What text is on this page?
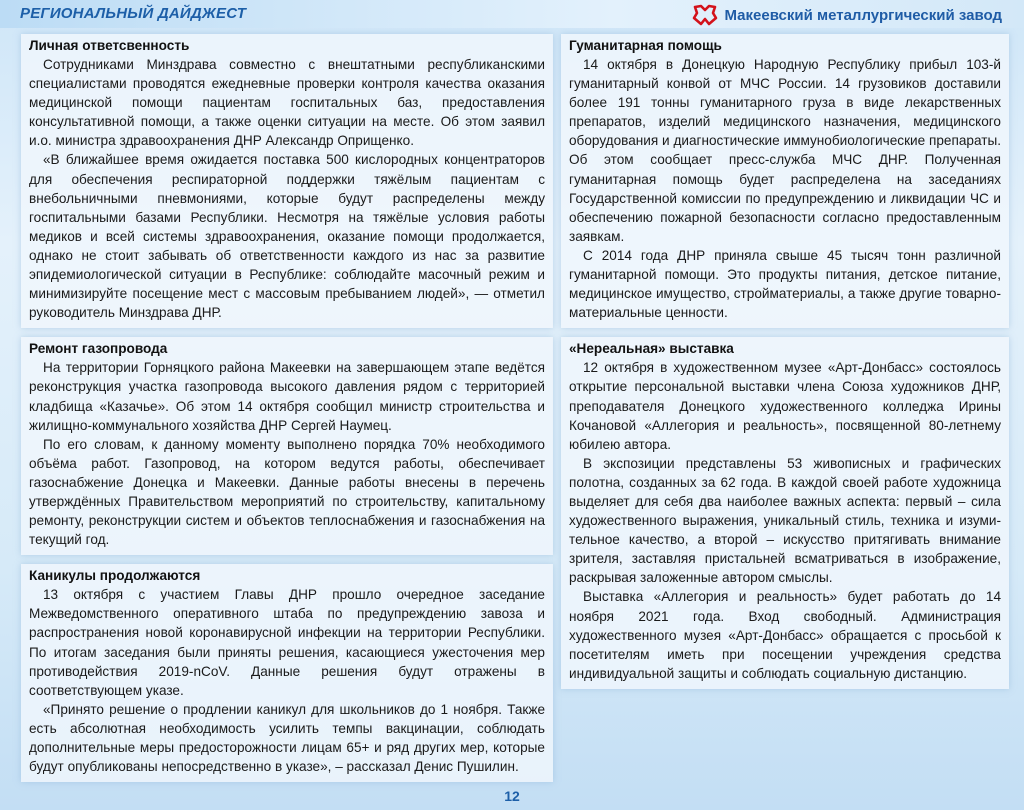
РЕГИОНАЛЬНЫЙ ДАЙДЖЕСТ	Макеевский металлургический завод
Личная ответсвенность

Сотрудниками Минздрава совместно с внештатными республиканскими специалистами проводятся ежедневные проверки контроля качества оказания медицинской помощи пациентам госпитальных баз, предоставления консультативной помощи, а также оценки ситуации на месте. Об этом заявил и.о. министра здравоохранения ДНР Александр Оприщенко.

«В ближайшее время ожидается поставка 500 кислородных концентраторов для обеспечения респираторной поддержки тяжёлым пациентам с внебольничными пневмониями, которые будут распределены между госпитальными базами Республики. Несмотря на тяжёлые условия работы медиков и всей системы здравоохранения, оказание помощи продолжается, однако не стоит забывать об ответственности каждого из нас за развитие эпидемиологической ситуации в Республике: соблюдайте масочный режим и минимизируйте посещение мест с массовым пребыванием людей», — отметил руководитель Минздрава ДНР.

Ремонт газопровода

На территории Горняцкого района Макеевки на завершающем этапе ведётся реконструкция участка газопровода высокого давления рядом с территорией кладбища «Казачье». Об этом 14 октября сообщил министр строительства и жилищно-коммунального хозяйства ДНР Сергей Наумец.

По его словам, к данному моменту выполнено порядка 70% необходимого объёма работ. Газопровод, на котором ведутся работы, обеспечивает газоснабжение Донецка и Макеевки. Данные работы внесены в перечень утверждённых Правительством мероприятий по строительству, капитальному ремонту, реконструкции систем и объектов теплоснабжения и газоснабжения на текущий год.

Каникулы продолжаются

13 октября с участием Главы ДНР прошло очередное заседание Межведомственного оперативного штаба по предупреждению завоза и распространения новой коронавирусной инфекции на территории Республики. По итогам заседания были приняты решения, касающиеся ужесточения мер противодействия 2019-nCoV. Данные решения будут отражены в соответствующем указе.

«Принято решение о продлении каникул для школьников до 1 ноября. Также есть абсолютная необходимость усилить темпы вакцинации, соблюдать дополнительные меры предосторожности лицам 65+ и ряд других мер, которые будут опубликованы непосредственно в указе», – рассказал Денис Пушилин.

Гуманитарная помощь

14 октября в Донецкую Народную Республику прибыл 103-й гуманитарный конвой от МЧС России. 14 грузовиков доставили более 191 тонны гуманитарного груза в виде лекарственных препаратов, изделий медицинского назначения, медицинского оборудования и диагностические иммунобиологические препараты. Об этом сообщает пресс-служба МЧС ДНР. Полученная гуманитарная помощь будет распределена на заседаниях Государственной комиссии по предупреждению и ликвидации ЧС и обеспечению пожарной безопасности согласно предоставленным заявкам.

С 2014 года ДНР приняла свыше 45 тысяч тонн различной гуманитарной помощи. Это продукты питания, детское питание, медицинское имущество, стройматериалы, а также другие товарно-материальные ценности.

«Нереальная» выставка

12 октября в художественном музее «Арт-Донбасс» состоялось открытие персональной выставки члена Союза художников ДНР, преподавателя Донецкого художественного колледжа Ирины Кочановой «Аллегория и реальность», посвященной 80-летнему юбилею автора.

В экспозиции представлены 53 живописных и графических полотна, созданных за 62 года. В каждой своей работе художница выделяет для себя два наиболее важных аспекта: первый – сила художественного выражения, уникальный стиль, техника и изуми-тельное качество, а второй – искусство притягивать внимание зрителя, заставляя пристальней всматриваться в изображение, раскрывая заложенные автором смыслы.

Выставка «Аллегория и реальность» будет работать до 14 ноября 2021 года. Вход свободный. Администрация художественного музея «Арт-Донбасс» обращается с просьбой к посетителям иметь при посещении учреждения средства индивидуальной защиты и соблюдать социальную дистанцию.

12
